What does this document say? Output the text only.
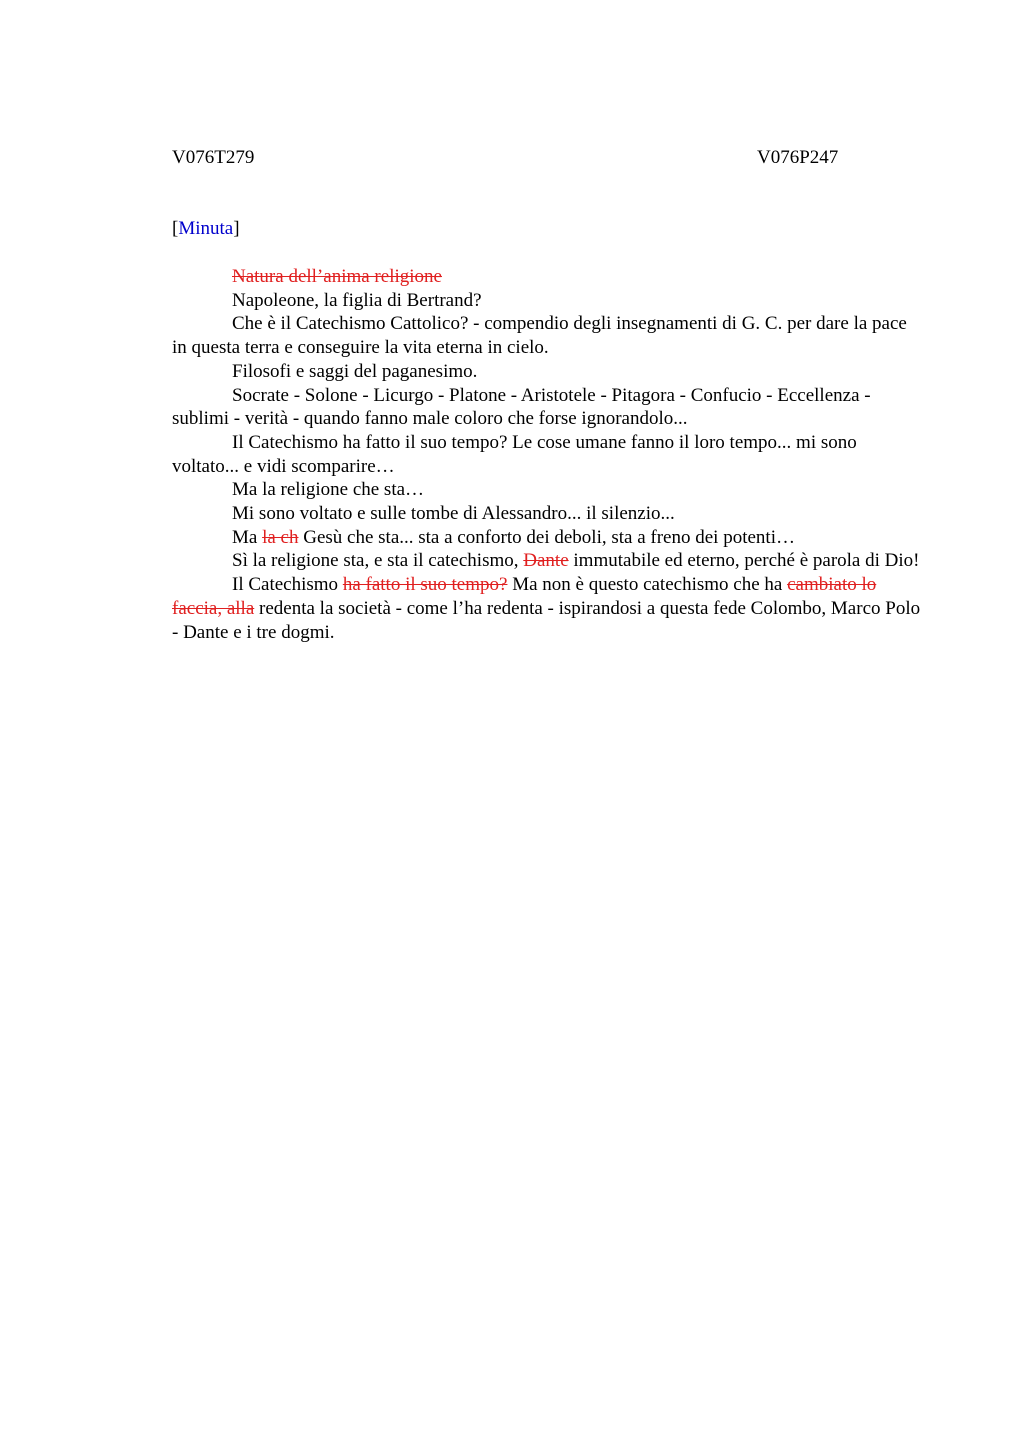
V076T279	V076P247
[Minuta]

Natura dell’anima religione

Napoleone, la figlia di Bertrand?

Che è il Catechismo Cattolico? - compendio degli insegnamenti di G. C. per dare la pace in questa terra e conseguire la vita eterna in cielo.

Filosofi e saggi del paganesimo.

Socrate - Solone - Licurgo - Platone - Aristotele - Pitagora - Confucio - Eccellenza - sublimi - verità - quando fanno male coloro che forse ignorandolo...

Il Catechismo ha fatto il suo tempo? Le cose umane fanno il loro tempo... mi sono voltato... e vidi scomparire…

Ma la religione che sta…

Mi sono voltato e sulle tombe di Alessandro... il silenzio...

Ma la ch Gesù che sta... sta a conforto dei deboli, sta a freno dei potenti…

Sì la religione sta, e sta il catechismo, Dante immutabile ed eterno, perché è parola di Dio!

Il Catechismo ha fatto il suo tempo? Ma non è questo catechismo che ha cambiato lo faccia, alla redenta la società - come l’ha redenta - ispirandosi a questa fede Colombo, Marco Polo - Dante e i tre dogmi.
